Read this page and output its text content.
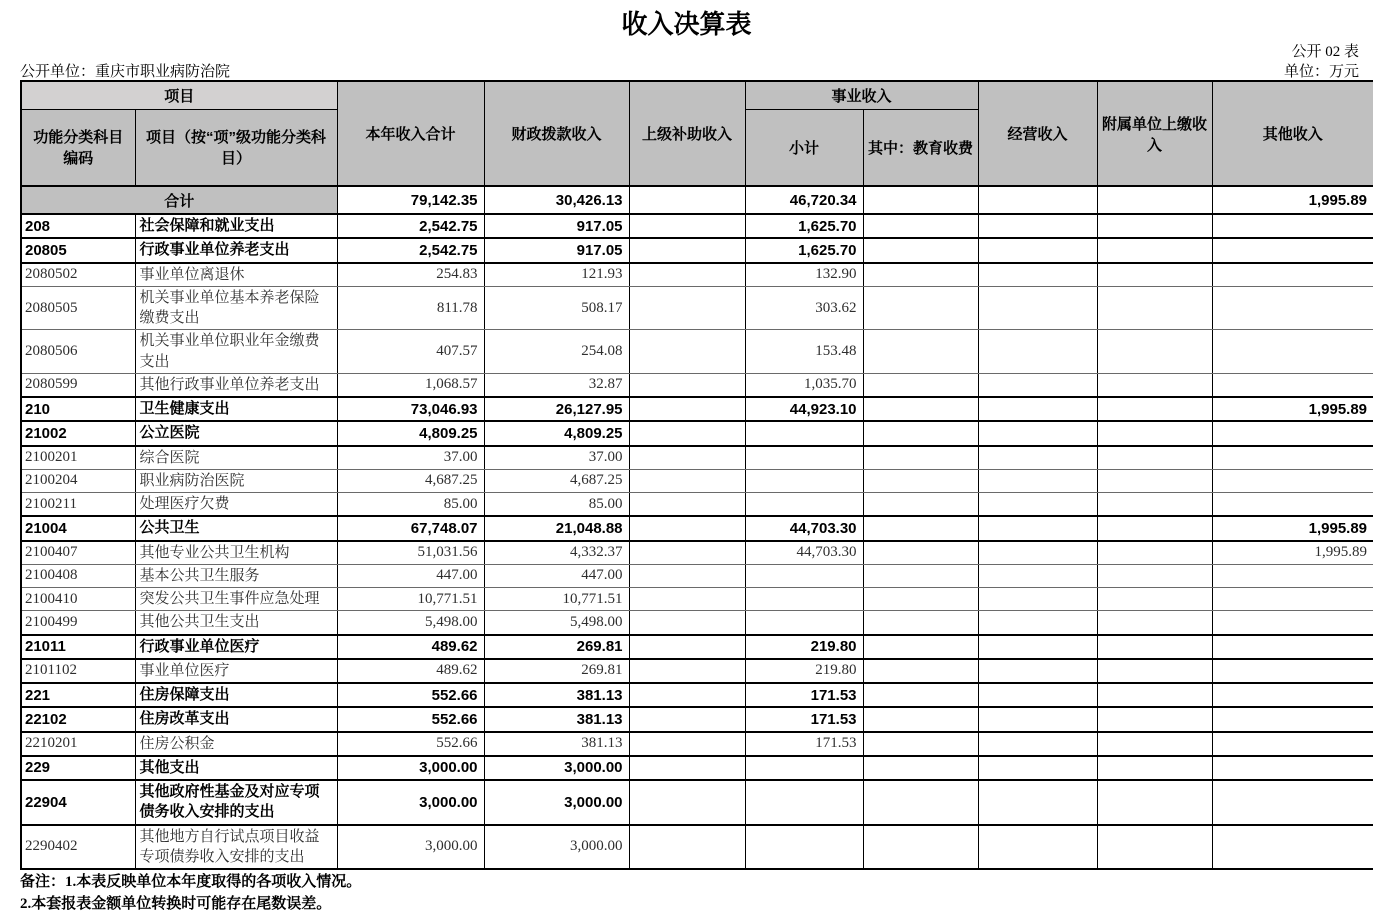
收入决算表
公开 02 表
公开单位：重庆市职业病防治院	单位：万元
项目		本年收入合计	财政拨款收入	上级补助收入	事业收入		经营收入	附属单位上缴收入	其他收入
功能分类科目编码	项目（按“项”级功能分类科目）				小计	其中：教育收费			
合计		79,142.35	30,426.13		46,720.34				1,995.89
208	社会保障和就业支出	2,542.75	917.05		1,625.70				
20805	行政事业单位养老支出	2,542.75	917.05		1,625.70				
2080502	事业单位离退休	254.83	121.93		132.90				
2080505	机关事业单位基本养老保险缴费支出	811.78	508.17		303.62				
2080506	机关事业单位职业年金缴费支出	407.57	254.08		153.48				
2080599	其他行政事业单位养老支出	1,068.57	32.87		1,035.70				
210	卫生健康支出	73,046.93	26,127.95		44,923.10				1,995.89
21002	公立医院	4,809.25	4,809.25						
2100201	综合医院	37.00	37.00						
2100204	职业病防治医院	4,687.25	4,687.25						
2100211	处理医疗欠费	85.00	85.00						
21004	公共卫生	67,748.07	21,048.88		44,703.30				1,995.89
2100407	其他专业公共卫生机构	51,031.56	4,332.37		44,703.30				1,995.89
2100408	基本公共卫生服务	447.00	447.00						
2100410	突发公共卫生事件应急处理	10,771.51	10,771.51						
2100499	其他公共卫生支出	5,498.00	5,498.00						
21011	行政事业单位医疗	489.62	269.81		219.80				
2101102	事业单位医疗	489.62	269.81		219.80				
221	住房保障支出	552.66	381.13		171.53				
22102	住房改革支出	552.66	381.13		171.53				
2210201	住房公积金	552.66	381.13		171.53				
229	其他支出	3,000.00	3,000.00						
22904	其他政府性基金及对应专项债务收入安排的支出	3,000.00	3,000.00						
2290402	其他地方自行试点项目收益专项债券收入安排的支出	3,000.00	3,000.00						
备注：1.本表反映单位本年度取得的各项收入情况。
2.本套报表金额单位转换时可能存在尾数误差。
